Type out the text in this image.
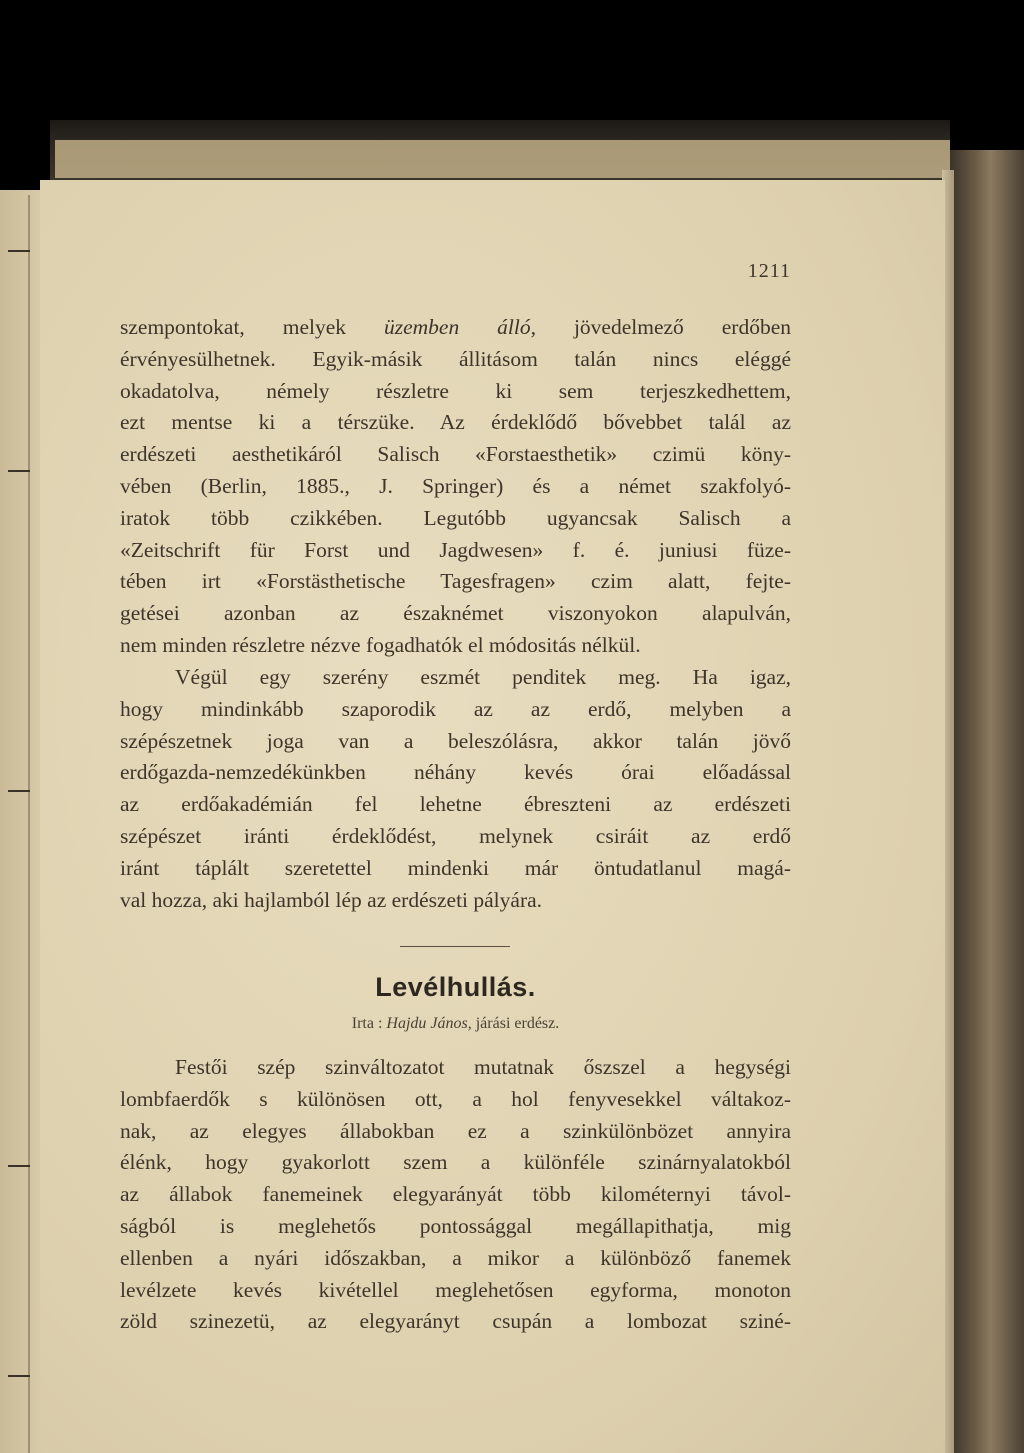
1211

szempontokat, melyek üzemben álló, jövedelmező erdőben
érvényesülhetnek. Egyik-másik állitásom talán nincs eléggé
okadatolva, némely részletre ki sem terjeszkedhettem,
ezt mentse ki a térszüke. Az érdeklődő bővebbet talál az
erdészeti aesthetikáról Salisch «Forstaesthetik» czimü köny-
vében (Berlin, 1885., J. Springer) és a német szakfolyó-
iratok több czikkében. Legutóbb ugyancsak Salisch a
«Zeitschrift für Forst und Jagdwesen» f. é. juniusi füze-
tében irt «Forstästhetische Tagesfragen» czim alatt, fejte-
getései azonban az északnémet viszonyokon alapulván,
nem minden részletre nézve fogadhatók el módositás nélkül.

Végül egy szerény eszmét penditek meg. Ha igaz,
hogy mindinkább szaporodik az az erdő, melyben a
szépészetnek joga van a beleszólásra, akkor talán jövő
erdőgazda-nemzedékünkben néhány kevés órai előadással
az erdőakadémián fel lehetne ébreszteni az erdészeti
szépészet iránti érdeklődést, melynek csiráit az erdő
iránt táplált szeretettel mindenki már öntudatlanul magá-
val hozza, aki hajlamból lép az erdészeti pályára.

Levélhullás.
Irta : Hajdu János, járási erdész.

Festői szép szinváltozatot mutatnak őszszel a hegységi
lombfaerdők s különösen ott, a hol fenyvesekkel váltakoz-
nak, az elegyes állabokban ez a szinkülönbözet annyira
élénk, hogy gyakorlott szem a különféle szinárnyalatokból
az állabok fanemeinek elegyarányát több kilométernyi távol-
ságból is meglehetős pontossággal megállapithatja, mig
ellenben a nyári időszakban, a mikor a különböző fanemek
levélzete kevés kivétellel meglehetősen egyforma, monoton
zöld szinezetü, az elegyarányt csupán a lombozat sziné-
